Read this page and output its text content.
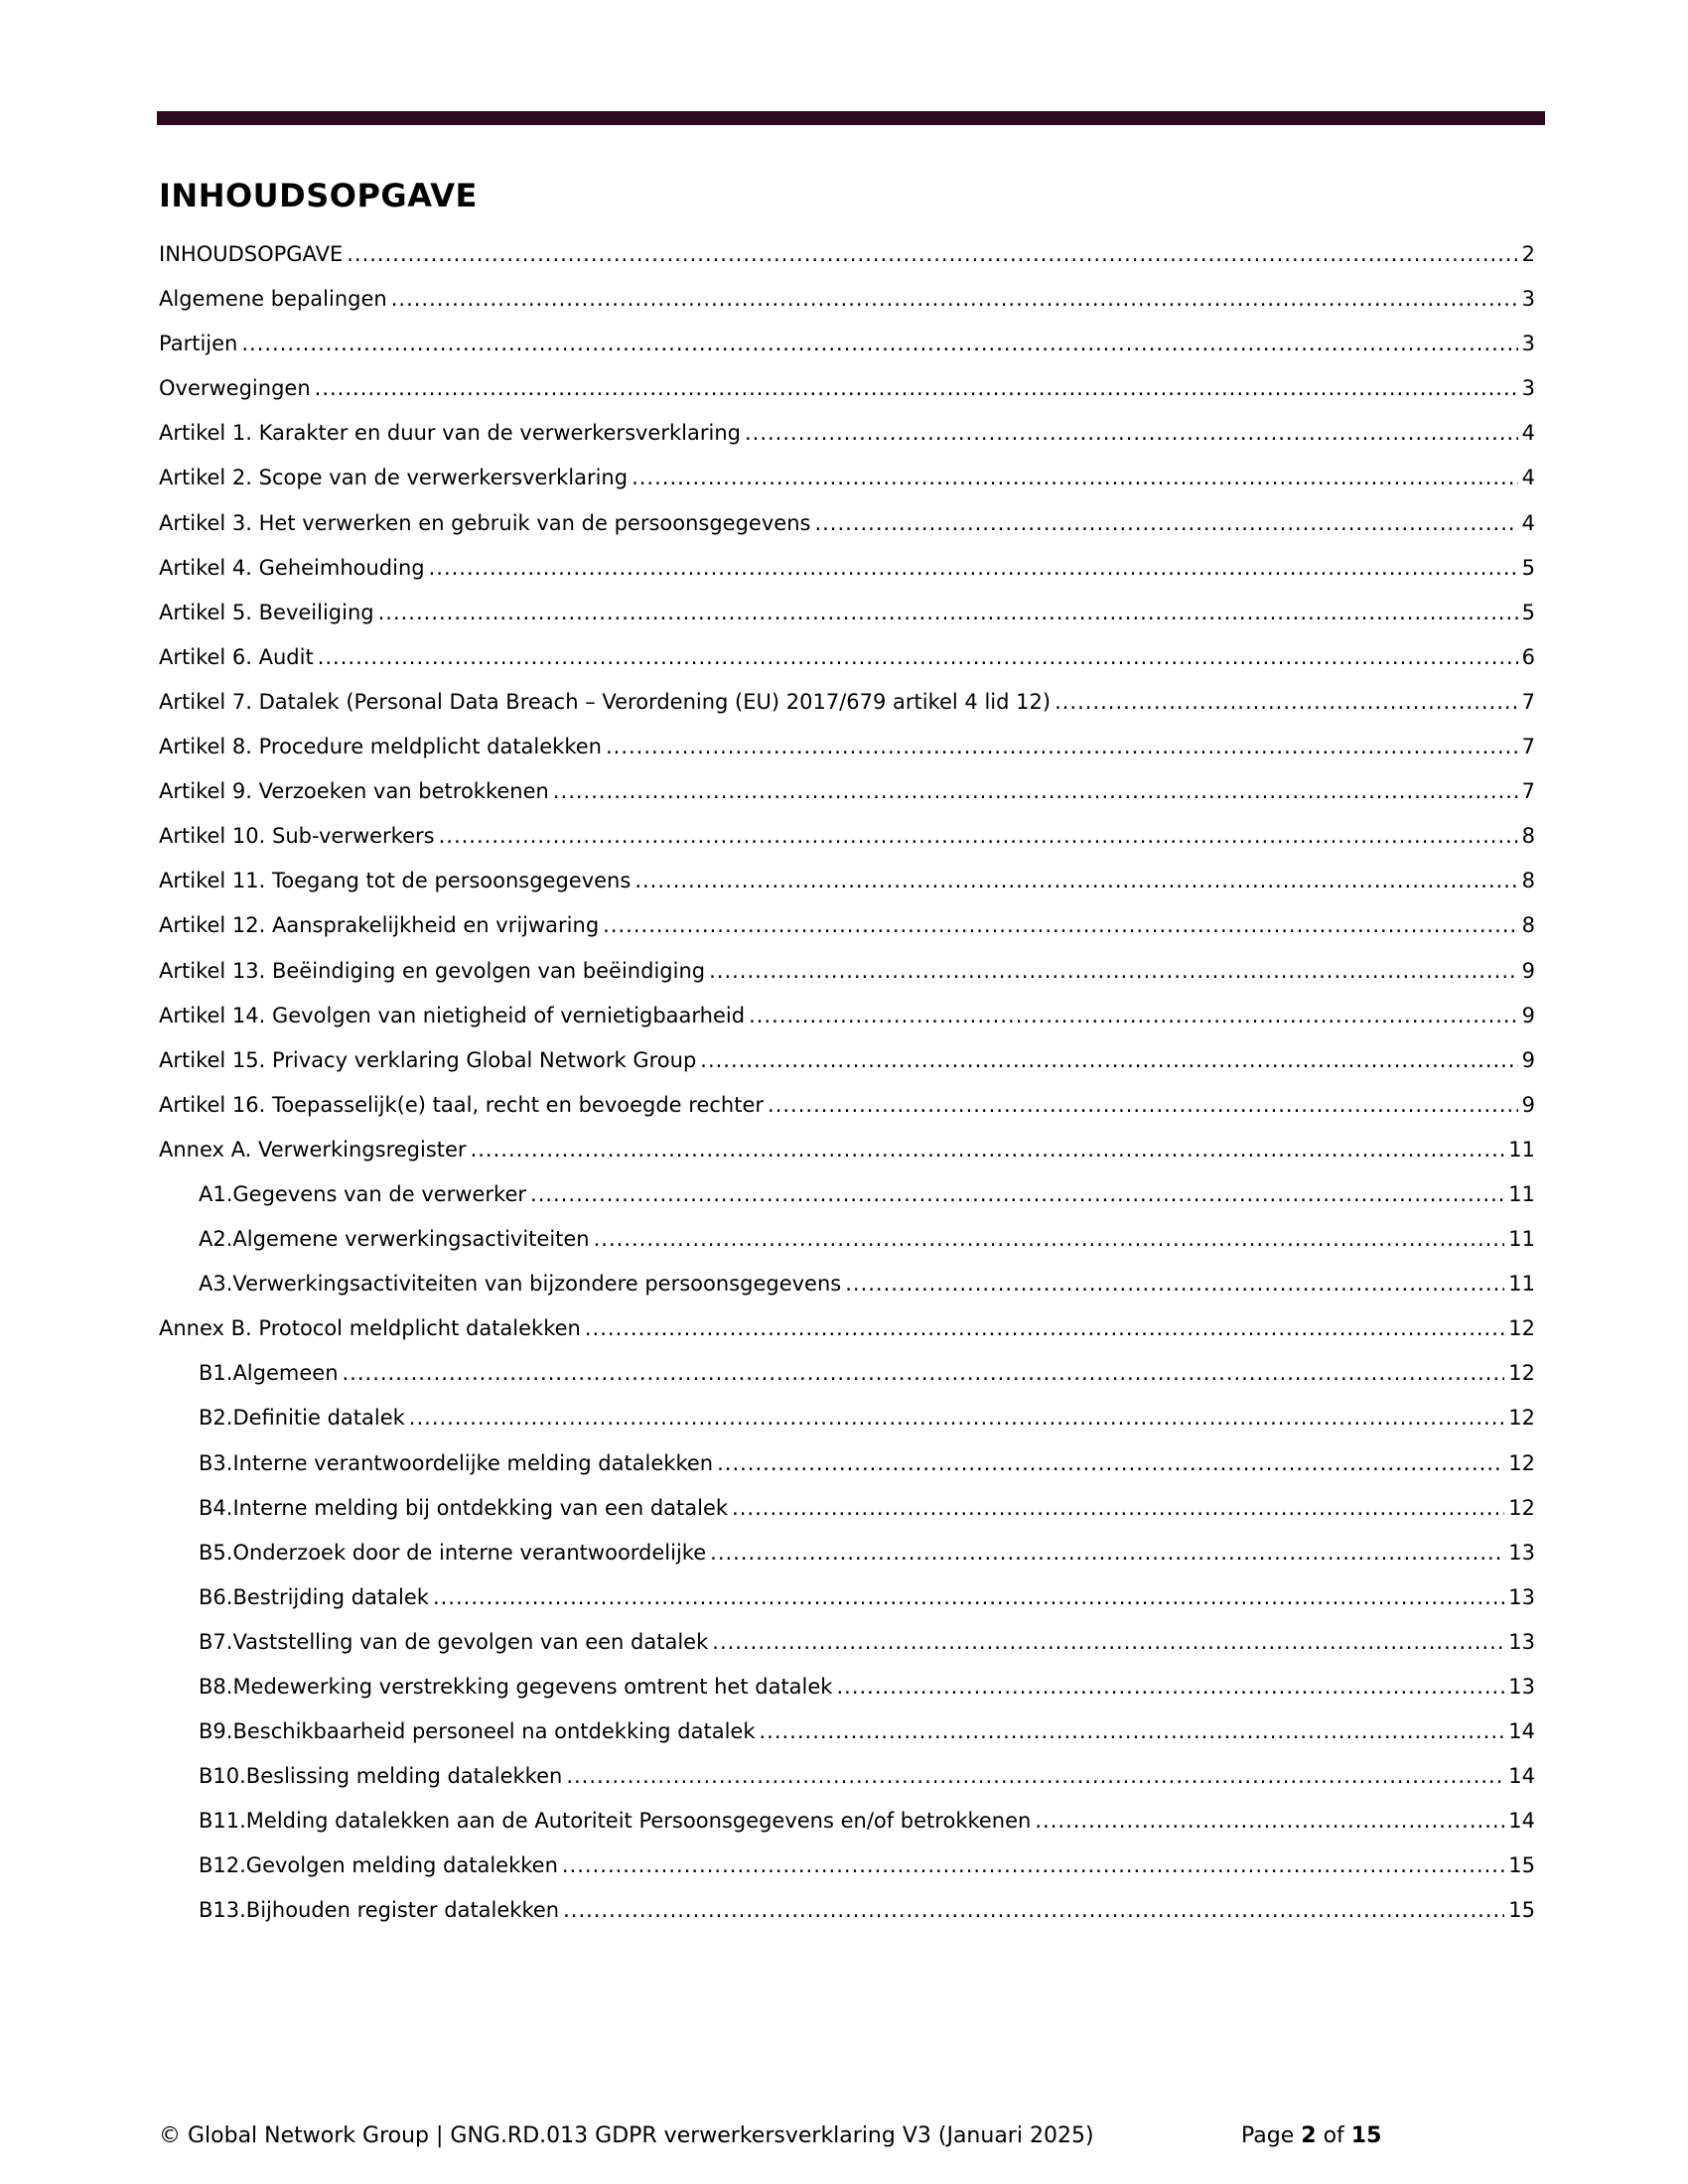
INHOUDSOPGAVE
INHOUDSOPGAVE .....	2
Algemene bepalingen .....	3
Partijen .....	3
Overwegingen .....	3
Artikel 1. Karakter en duur van de verwerkersverklaring .....	4
Artikel 2. Scope van de verwerkersverklaring .....	4
Artikel 3. Het verwerken en gebruik van de persoonsgegevens .....	4
Artikel 4. Geheimhouding .....	5
Artikel 5. Beveiliging .....	5
Artikel 6. Audit .....	6
Artikel 7. Datalek (Personal Data Breach – Verordening (EU) 2017/679 artikel 4 lid 12) .....	7
Artikel 8. Procedure meldplicht datalekken .....	7
Artikel 9. Verzoeken van betrokkenen .....	7
Artikel 10. Sub-verwerkers .....	8
Artikel 11. Toegang tot de persoonsgegevens .....	8
Artikel 12. Aansprakelijkheid en vrijwaring .....	8
Artikel 13. Beëindiging en gevolgen van beëindiging .....	9
Artikel 14. Gevolgen van nietigheid of vernietigbaarheid .....	9
Artikel 15. Privacy verklaring Global Network Group .....	9
Artikel 16. Toepasselijk(e) taal, recht en bevoegde rechter .....	9
Annex A. Verwerkingsregister .....	11
A1.Gegevens van de verwerker .....	11
A2.Algemene verwerkingsactiviteiten .....	11
A3.Verwerkingsactiviteiten van bijzondere persoonsgegevens .....	11
Annex B. Protocol meldplicht datalekken .....	12
B1.Algemeen .....	12
B2.Definitie datalek .....	12
B3.Interne verantwoordelijke melding datalekken .....	12
B4.Interne melding bij ontdekking van een datalek .....	12
B5.Onderzoek door de interne verantwoordelijke .....	13
B6.Bestrijding datalek .....	13
B7.Vaststelling van de gevolgen van een datalek .....	13
B8.Medewerking verstrekking gegevens omtrent het datalek .....	13
B9.Beschikbaarheid personeel na ontdekking datalek .....	14
B10.Beslissing melding datalekken .....	14
B11.Melding datalekken aan de Autoriteit Persoonsgegevens en/of betrokkenen .....	14
B12.Gevolgen melding datalekken .....	15
B13.Bijhouden register datalekken .....	15
© Global Network Group | GNG.RD.013 GDPR verwerkersverklaring V3 (Januari 2025)	Page 2 of 15
